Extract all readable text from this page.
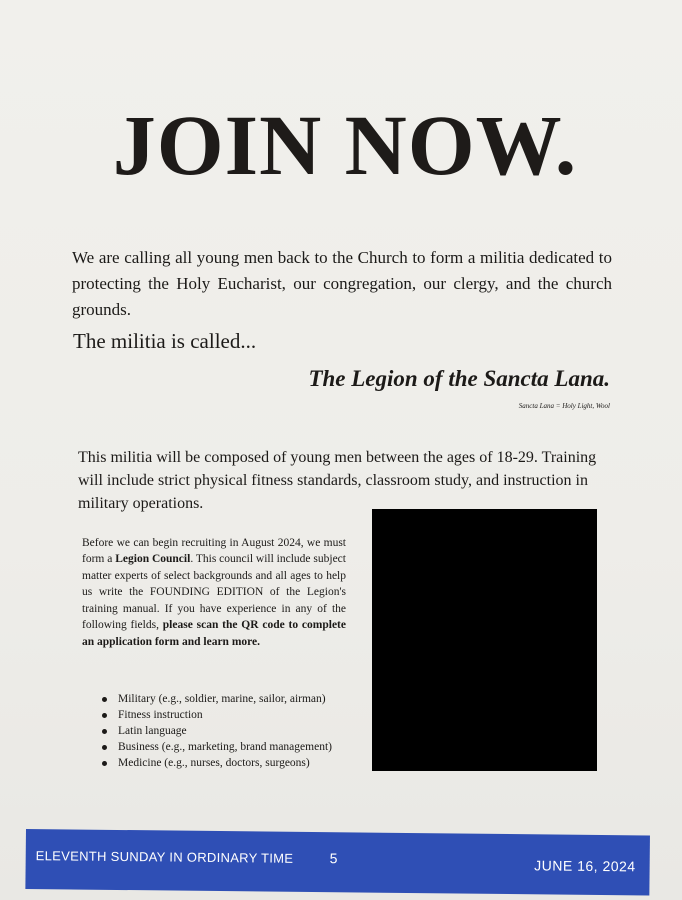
JOIN NOW.

We are calling all young men back to the Church to form a militia dedicated to protecting the Holy Eucharist, our congregation, our clergy, and the church grounds.

The militia is called...
The Legion of the Sancta Lana.
Sancta Lana = Holy Light, Wool

This militia will be composed of young men between the ages of 18-29. Training will include strict physical fitness standards, classroom study, and instruction in military operations.

Before we can begin recruiting in August 2024, we must form a Legion Council. This council will include subject matter experts of select backgrounds and all ages to help us write the FOUNDING EDITION of the Legion's training manual. If you have experience in any of the following fields, please scan the QR code to complete an application form and learn more.

Military (e.g., soldier, marine, sailor, airman)
Fitness instruction
Latin language
Business (e.g., marketing, brand management)
Medicine (e.g., nurses, doctors, surgeons)
ELEVENTH SUNDAY IN ORDINARY TIME	5	JUNE 16, 2024
